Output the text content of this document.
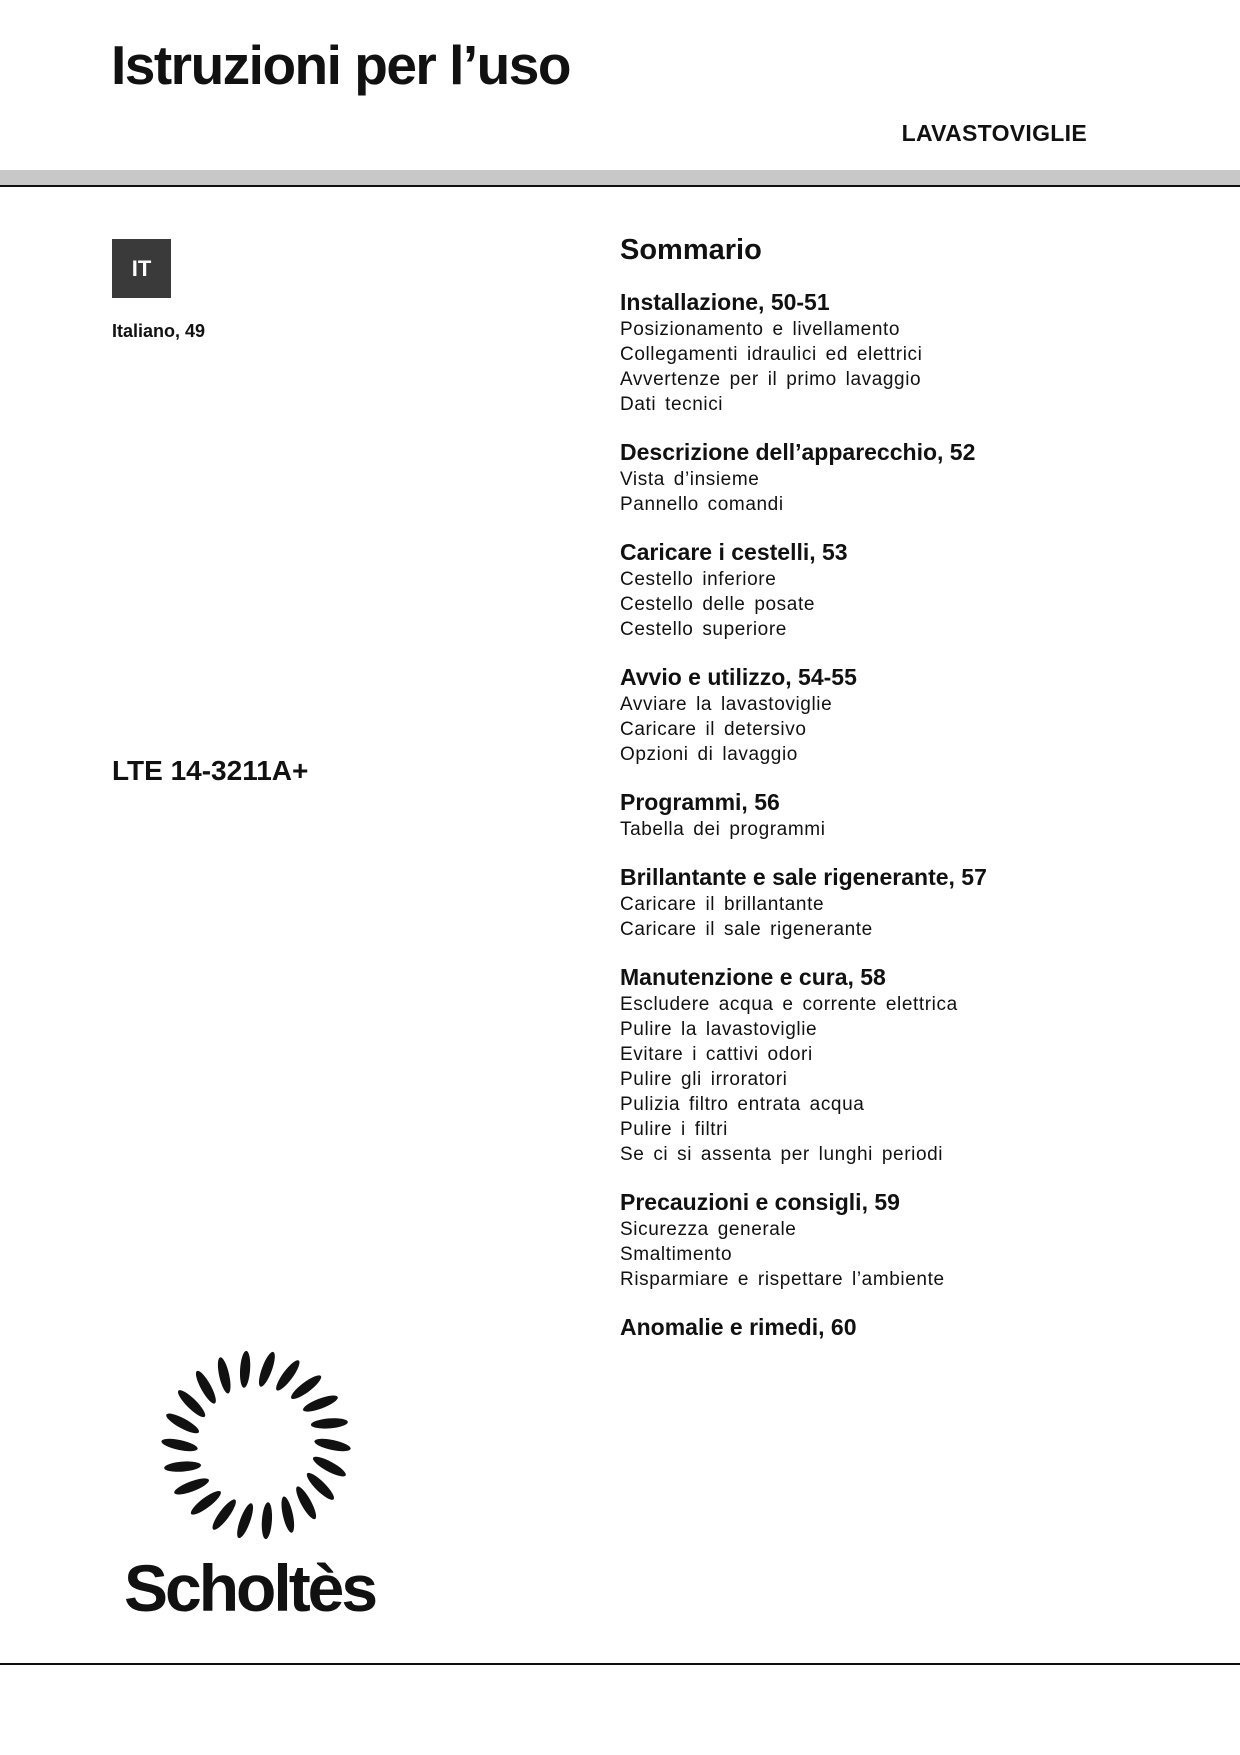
Istruzioni per l’uso
LAVASTOVIGLIE
IT
Italiano, 49
LTE 14-3211A+
Sommario
Installazione, 50-51
Posizionamento e livellamento
Collegamenti idraulici ed elettrici
Avvertenze per il primo lavaggio
Dati tecnici
Descrizione dell’apparecchio, 52
Vista d’insieme
Pannello comandi
Caricare i cestelli, 53
Cestello inferiore
Cestello delle posate
Cestello superiore
Avvio e utilizzo, 54-55
Avviare la lavastoviglie
Caricare il detersivo
Opzioni di lavaggio
Programmi, 56
Tabella dei programmi
Brillantante e sale rigenerante, 57
Caricare il brillantante
Caricare il sale rigenerante
Manutenzione e cura, 58
Escludere acqua e corrente elettrica
Pulire la lavastoviglie
Evitare i cattivi odori
Pulire gli irroratori
Pulizia filtro entrata acqua
Pulire i filtri
Se ci si assenta per lunghi periodi
Precauzioni e consigli, 59
Sicurezza generale
Smaltimento
Risparmiare e rispettare l’ambiente
Anomalie e rimedi, 60
Scholtès
